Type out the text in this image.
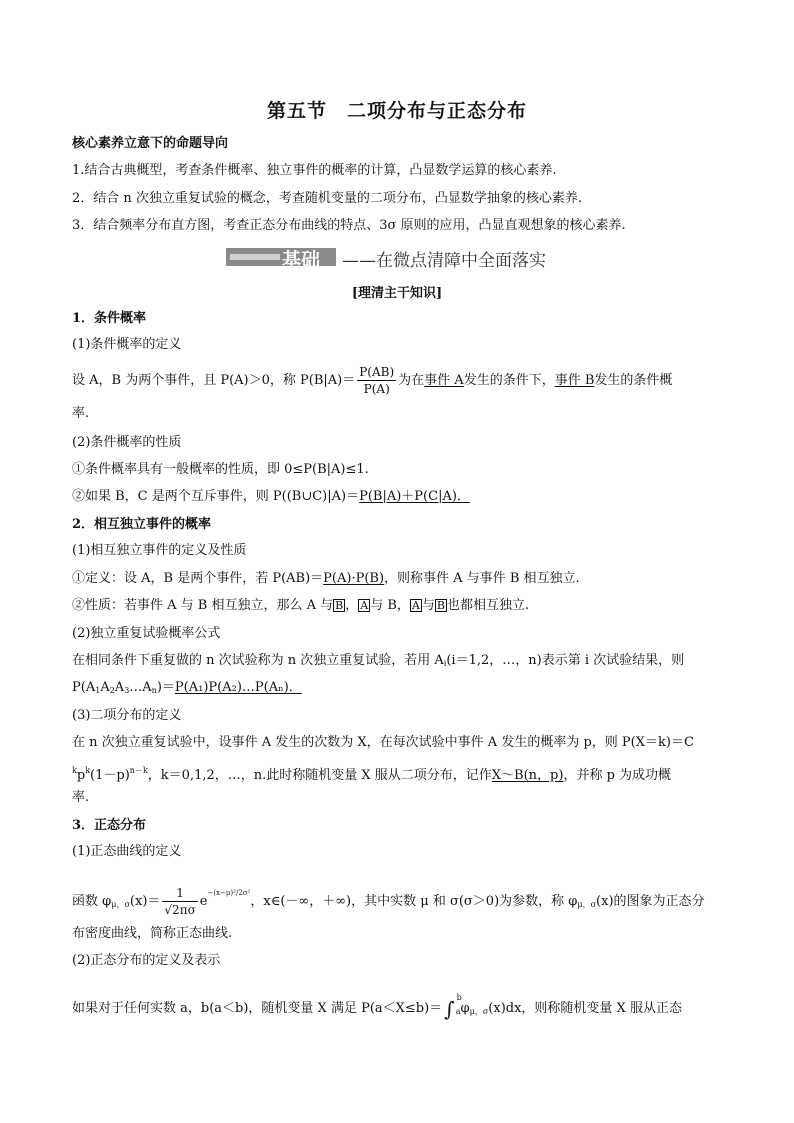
第五节　二项分布与正态分布
核心素养立意下的命题导向
1.结合古典概型，考查条件概率、独立事件的概率的计算，凸显数学运算的核心素养.
2．结合 n 次独立重复试验的概念，考查随机变量的二项分布，凸显数学抽象的核心素养.
3．结合频率分布直方图，考查正态分布曲线的特点、3σ 原则的应用，凸显直观想象的核心素养.
基础 ——在微点清障中全面落实
[理清主干知识]
1．条件概率
(1)条件概率的定义
设 A，B 为两个事件，且 P(A)＞0，称 $P(B|A)= \frac{P(AB)}{P(A)}$ 为在事件 A发生的条件下，事件 B发生的条件概
率.
(2)条件概率的性质
①条件概率具有一般概率的性质，即 0≤P(B|A)≤1.
②如果 B，C 是两个互斥事件，则 P((B∪C)|A)＝P(B|A)＋P(C|A)．
2．相互独立事件的概率
(1)相互独立事件的定义及性质
①定义：设 A，B 是两个事件，若 P(AB)＝P(A)·P(B)，则称事件 A 与事件 B 相互独立.
②性质：若事件 A 与 B 相互独立，那么 A 与 B ， A 与 B， A 与 B 也都相互独立.
(2)独立重复试验概率公式
在相同条件下重复做的 n 次试验称为 n 次独立重复试验，若用 $A_i(i=1,2$，…，n)表示第 i 次试验结果，则
$P(A_1A_2A_3\dots A_n)=P(A_1)P(A_2)\dots P(A_n)$．
(3)二项分布的定义
在 n 次独立重复试验中，设事件 A 发生的次数为 X，在每次试验中事件 A 发生的概率为 p，则 P(X＝k)＝C
$^kp^k(1-p)^{n-k}$，k＝0,1,2，…，n.此时称随机变量 X 服从二项分布，记作X～B(n，p)，并称 p 为成功概
率.
3．正态分布
(1)正态曲线的定义
函数 $\varphi_{\mu,\sigma}(x)= \frac{1}{√2\pi\sigma} e^{-(x-\mu)^2/2\sigma^2}$，x∈(－∞，＋∞)，其中实数 μ 和 σ(σ＞0)为参数，称 $\varphi_{\mu,\sigma}(x)$的图象为正态分
布密度曲线，简称正态曲线.
(2)正态分布的定义及表示
如果对于任何实数 a，b(a＜b)，随机变量 X 满足 P(a＜X≤b)＝ ∫ $^b_a\varphi_{\mu,\sigma}(x)dx$，则称随机变量 X 服从正态
